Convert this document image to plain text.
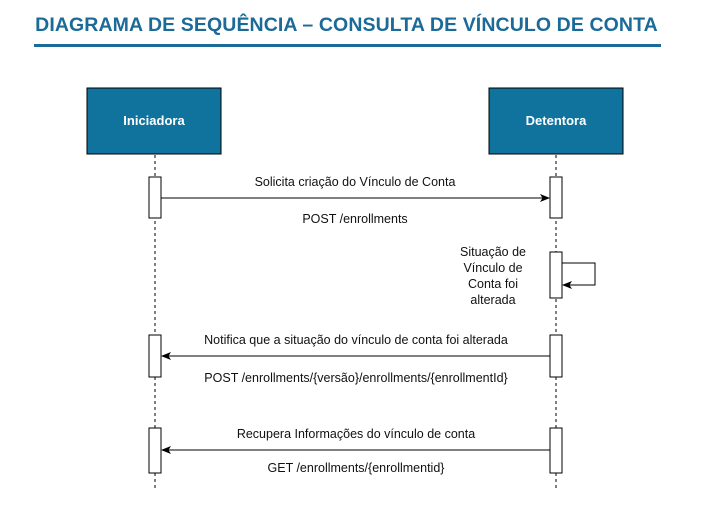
DIAGRAMA DE SEQUÊNCIA – CONSULTA DE VÍNCULO DE CONTA
Iniciadora	Detentora
Solicita criação do Vínculo de Conta
POST /enrollments
Situação de
Vínculo de
Conta foi
alterada
Notifica que a situação do vínculo de conta foi alterada
POST /enrollments/{versão}/enrollments/{enrollmentId}
Recupera Informações do vínculo de conta
GET /enrollments/{enrollmentid}
